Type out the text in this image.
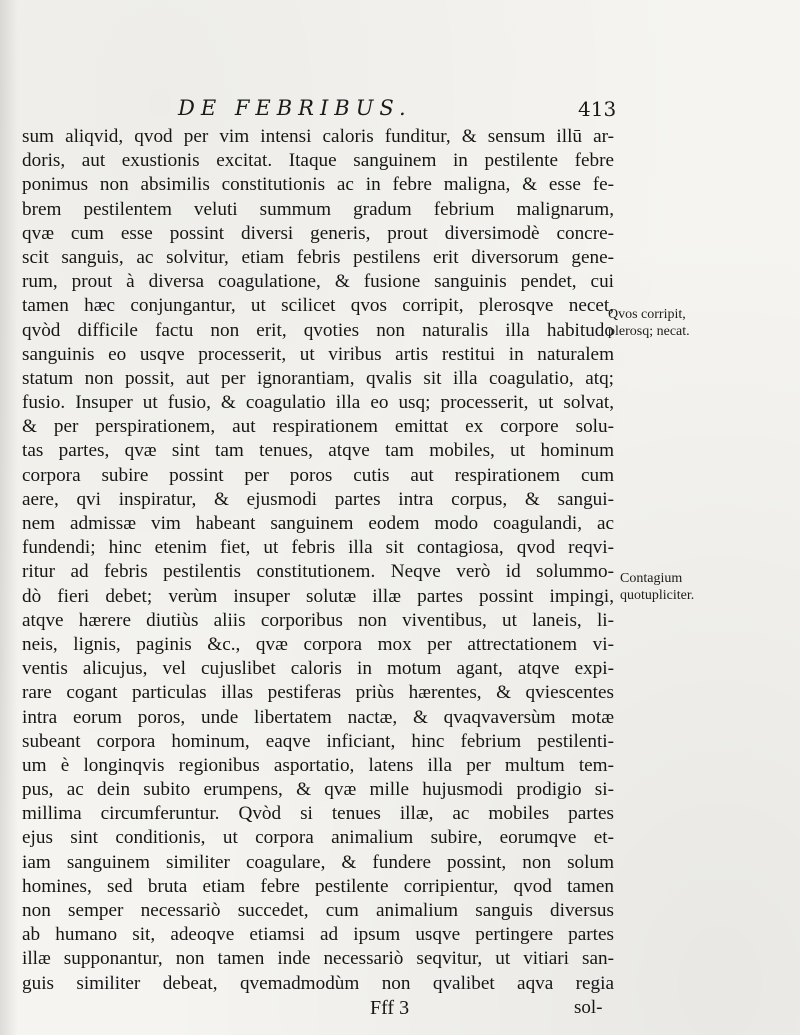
DE FEBRIBUS.	413
sum aliqvid, qvod per vim intensi caloris funditur, & sensum illū ar-
doris, aut exustionis excitat. Itaque sanguinem in pestilente febre
ponimus non absimilis constitutionis ac in febre maligna, & esse fe-
brem pestilentem veluti summum gradum febrium malignarum,
qvæ cum esse possint diversi generis, prout diversimodè concre-
scit sanguis, ac solvitur, etiam febris pestilens erit diversorum gene-
rum, prout à diversa coagulatione, & fusione sanguinis pendet, cui
tamen hæc conjungantur, ut scilicet qvos corripit, plerosqve necet,
qvòd difficile factu non erit, qvoties non naturalis illa habitudo
sanguinis eo usqve processerit, ut viribus artis restitui in naturalem
statum non possit, aut per ignorantiam, qvalis sit illa coagulatio, atq;
fusio. Insuper ut fusio, & coagulatio illa eo usq; processerit, ut solvat,
& per perspirationem, aut respirationem emittat ex corpore solu-
tas partes, qvæ sint tam tenues, atqve tam mobiles, ut hominum
corpora subire possint per poros cutis aut respirationem cum
aere, qvi inspiratur, & ejusmodi partes intra corpus, & sangui-
nem admissæ vim habeant sanguinem eodem modo coagulandi, ac
fundendi; hinc etenim fiet, ut febris illa sit contagiosa, qvod reqvi-
ritur ad febris pestilentis constitutionem. Neqve verò id solummo-
dò fieri debet; verùm insuper solutæ illæ partes possint impingi,
atqve hærere diutiùs aliis corporibus non viventibus, ut laneis, li-
neis, lignis, paginis &c., qvæ corpora mox per attrectationem vi-
ventis alicujus, vel cujuslibet caloris in motum agant, atqve expi-
rare cogant particulas illas pestiferas priùs hærentes, & qviescentes
intra eorum poros, unde libertatem nactæ, & qvaqvaversùm motæ
subeant corpora hominum, eaqve inficiant, hinc febrium pestilenti-
um è longinqvis regionibus asportatio, latens illa per multum tem-
pus, ac dein subito erumpens, & qvæ mille hujusmodi prodigio si-
millima circumferuntur. Qvòd si tenues illæ, ac mobiles partes
ejus sint conditionis, ut corpora animalium subire, eorumqve et-
iam sanguinem similiter coagulare, & fundere possint, non solum
homines, sed bruta etiam febre pestilente corripientur, qvod tamen
non semper necessariò succedet, cum animalium sanguis diversus
ab humano sit, adeoqve etiamsi ad ipsum usqve pertingere partes
illæ supponantur, non tamen inde necessariò seqvitur, ut vitiari san-
guis similiter debeat, qvemadmodùm non qvalibet aqva regia
Qvos corripit,
plerosq; necat.
Contagium
quotupliciter.
Fff 3	sol-
